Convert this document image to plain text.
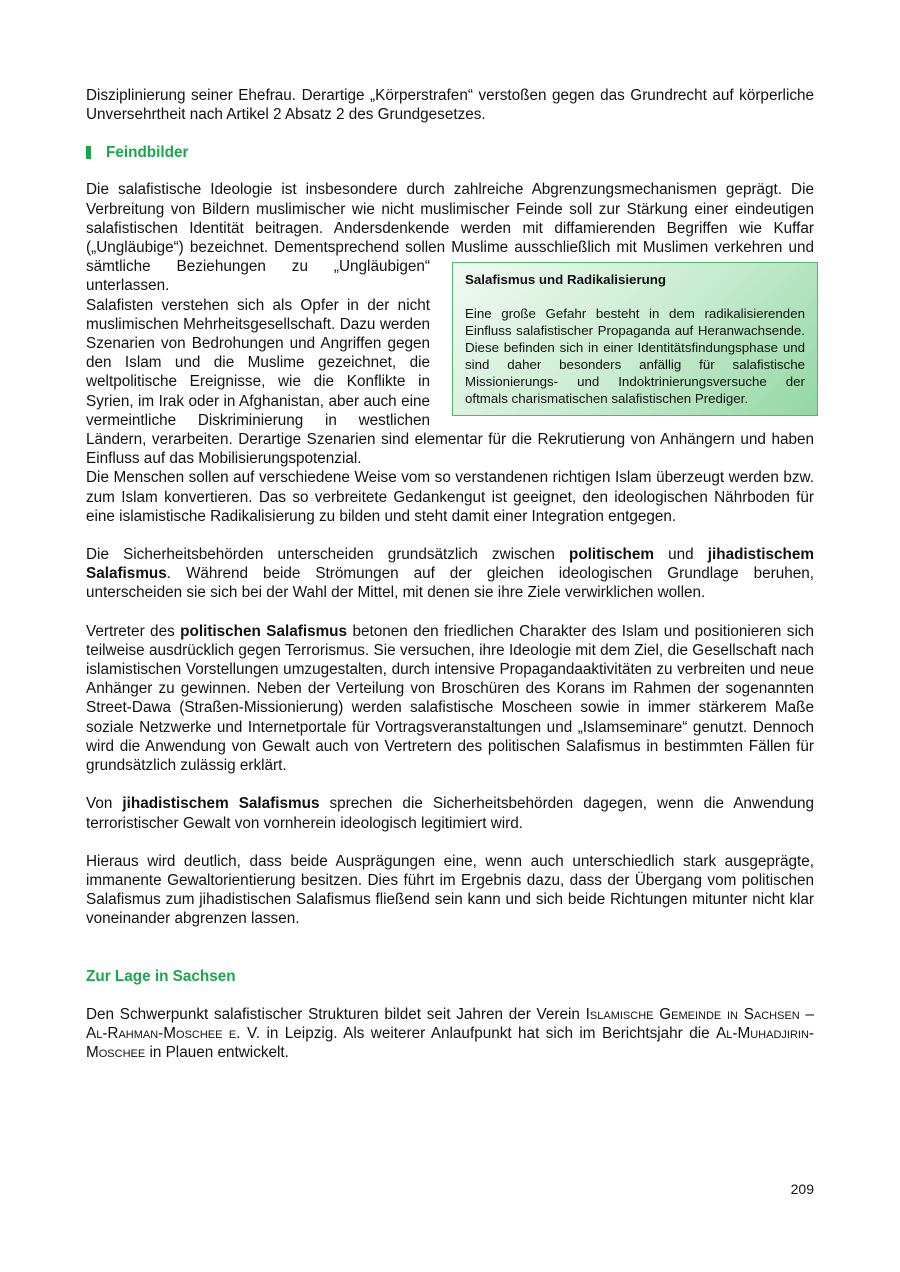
Disziplinierung seiner Ehefrau. Derartige „Körperstrafen“ verstoßen gegen das Grundrecht auf körperliche Unversehrtheit nach Artikel 2 Absatz 2 des Grundgesetzes.

Feindbilder

Die salafistische Ideologie ist insbesondere durch zahlreiche Abgrenzungsmechanismen geprägt. Die Verbreitung von Bildern muslimischer wie nicht muslimischer Feinde soll zur Stärkung einer eindeutigen salafistischen Identität beitragen. Andersdenkende werden mit diffamierenden Begriffen wie Kuffar („Ungläubige“) bezeichnet. Dementsprechend sollen Muslime ausschließlich mit Muslimen verkehren und sämtliche Beziehungen zu „Ungläubigen“ unterlassen.

Salafisten verstehen sich als Opfer in der nicht muslimischen Mehrheitsgesellschaft. Dazu werden Szenarien von Bedrohungen und Angriffen gegen den Islam und die Muslime gezeichnet, die weltpolitische Ereignisse, wie die Konflikte in Syrien, im Irak oder in Afghanistan, aber auch eine vermeintliche Diskriminierung in westlichen Ländern, verarbeiten. Derartige Szenarien sind elementar für die Rekrutierung von Anhängern und haben Einfluss auf das Mobilisierungspotenzial.

Die Menschen sollen auf verschiedene Weise vom so verstandenen richtigen Islam überzeugt werden bzw. zum Islam konvertieren. Das so verbreitete Gedankengut ist geeignet, den ideologischen Nährboden für eine islamistische Radikalisierung zu bilden und steht damit einer Integration entgegen.

Die Sicherheitsbehörden unterscheiden grundsätzlich zwischen politischem und jihadistischem Salafismus. Während beide Strömungen auf der gleichen ideologischen Grundlage beruhen, unterscheiden sie sich bei der Wahl der Mittel, mit denen sie ihre Ziele verwirklichen wollen.

Vertreter des politischen Salafismus betonen den friedlichen Charakter des Islam und positionieren sich teilweise ausdrücklich gegen Terrorismus. Sie versuchen, ihre Ideologie mit dem Ziel, die Gesellschaft nach islamistischen Vorstellungen umzugestalten, durch intensive Propagandaaktivitäten zu verbreiten und neue Anhänger zu gewinnen. Neben der Verteilung von Broschüren des Korans im Rahmen der sogenannten Street-Dawa (Straßen-Missionierung) werden salafistische Moscheen sowie in immer stärkerem Maße soziale Netzwerke und Internetportale für Vortragsveranstaltungen und „Islamseminare“ genutzt. Dennoch wird die Anwendung von Gewalt auch von Vertretern des politischen Salafismus in bestimmten Fällen für grundsätzlich zulässig erklärt.

Von jihadistischem Salafismus sprechen die Sicherheitsbehörden dagegen, wenn die Anwendung terroristischer Gewalt von vornherein ideologisch legitimiert wird.

Hieraus wird deutlich, dass beide Ausprägungen eine, wenn auch unterschiedlich stark ausgeprägte, immanente Gewaltorientierung besitzen. Dies führt im Ergebnis dazu, dass der Übergang vom politischen Salafismus zum jihadistischen Salafismus fließend sein kann und sich beide Richtungen mitunter nicht klar voneinander abgrenzen lassen.

Zur Lage in Sachsen

Den Schwerpunkt salafistischer Strukturen bildet seit Jahren der Verein Islamische Gemeinde in Sachsen – Al-Rahman-Moschee e. V. in Leipzig. Als weiterer Anlaufpunkt hat sich im Berichtsjahr die Al-Muhadjirin-Moschee in Plauen entwickelt.

Salafismus und Radikalisierung
Eine große Gefahr besteht in dem radikalisierenden Einfluss salafistischer Propaganda auf Heranwachsende. Diese befinden sich in einer Identitätsfindungsphase und sind daher besonders anfällig für salafistische Missionierungs- und Indoktrinierungsversuche der oftmals charismatischen salafistischen Prediger.
209
